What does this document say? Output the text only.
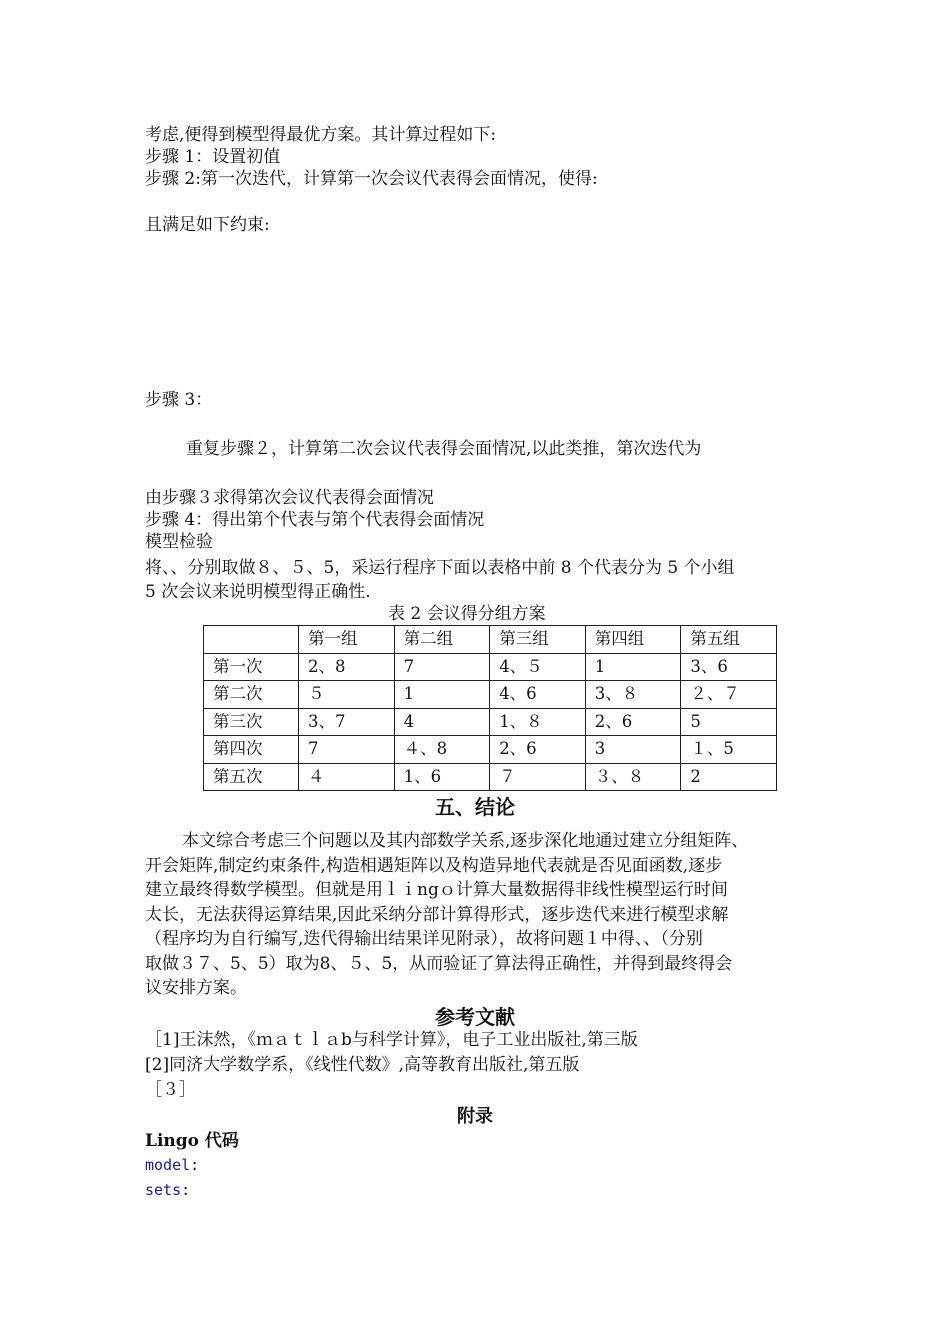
考虑,便得到模型得最优方案。其计算过程如下:
步骤 1：设置初值
步骤 2:第一次迭代，计算第一次会议代表得会面情况，使得:
且满足如下约束:
步骤 3：
重复步骤２，计算第二次会议代表得会面情况,以此类推，第次迭代为
由步骤３求得第次会议代表得会面情况
步骤 4：得出第个代表与第个代表得会面情况
模型检验
将、、分别取做８、５、5，采运行程序下面以表格中前 8 个代表分为 5 个小组
5 次会议来说明模型得正确性.
表 2 会议得分组方案
	第一组	第二组	第三组	第四组	第五组
第一次	2、8	7	4、５	1	3、6
第二次	５	1	4、6	3、８	２、７
第三次	3、7	4	1、８	2、6	5
第四次	7	４、8	2、6	3	１、5
第五次	４	1、6	７	３、８	2
五、结论

本文综合考虑三个问题以及其内部数学关系,逐步深化地通过建立分组矩阵、

开会矩阵,制定约束条件,构造相遇矩阵以及构造异地代表就是否见面函数,逐步

建立最终得数学模型。但就是用ｌｉngｏ计算大量数据得非线性模型运行时间

太长，无法获得运算结果,因此采纳分部计算得形式，逐步迭代来进行模型求解

（程序均为自行编写,迭代得输出结果详见附录），故将问题１中得、、（分别

取做３７、5、5）取为8、５、5，从而验证了算法得正确性，并得到最终得会

议安排方案。

参考文献
［1]王沫然，《ｍａｔｌａb与科学计算》，电子工业出版社,第三版
[2]同济大学数学系，《线性代数》,高等教育出版社,第五版
［３］
附录
Lingo 代码
model:
sets:
